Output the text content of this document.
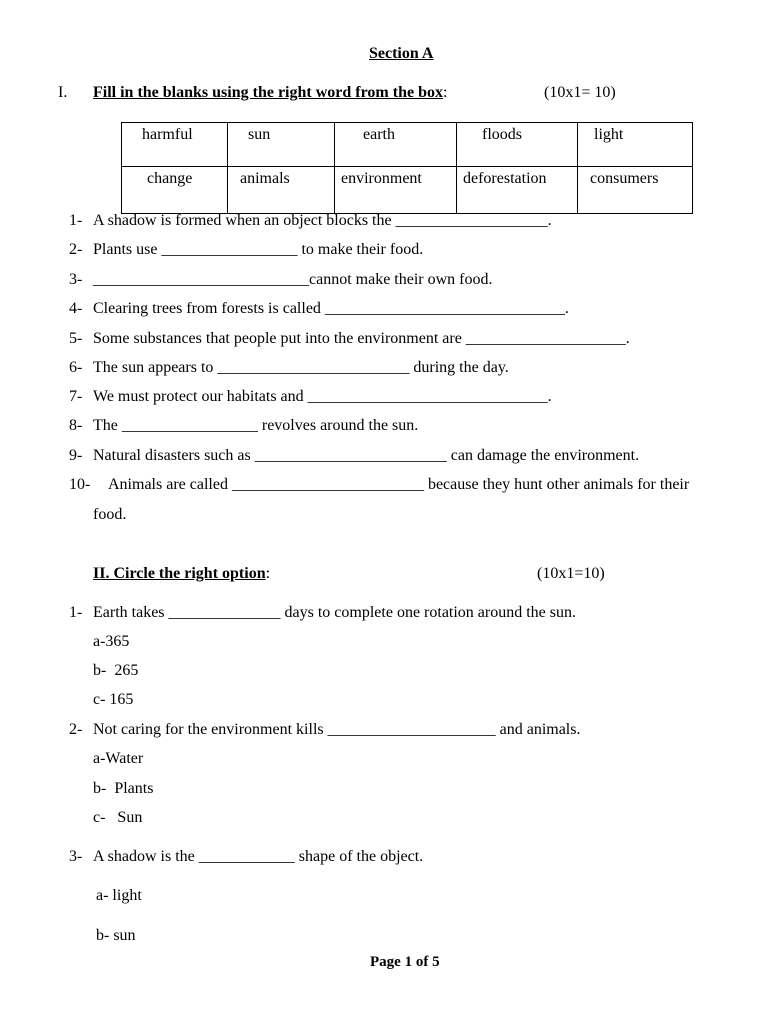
Section A
I. Fill in the blanks using the right word from the box:	(10x1= 10)
harmful	sun	earth	floods	light
change	animals	environment	deforestation	consumers
1- A shadow is formed when an object blocks the ___________________.
2- Plants use _________________ to make their food.
3- ___________________________cannot make their own food.
4- Clearing trees from forests is called ______________________________.
5- Some substances that people put into the environment are ____________________.
6- The sun appears to ________________________ during the day.
7- We must protect our habitats and ______________________________.
8- The _________________ revolves around the sun.
9- Natural disasters such as ________________________ can damage the environment.
10- Animals are called ________________________ because they hunt other animals for their
food.
II. Circle the right option:	(10x1=10)
1- Earth takes ______________ days to complete one rotation around the sun.
a-365
b-  265
c- 165
2- Not caring for the environment kills _____________________ and animals.
a-Water
b-  Plants
c-   Sun
3- A shadow is the ____________ shape of the object.
a- light
b- sun
Page 1 of 5
